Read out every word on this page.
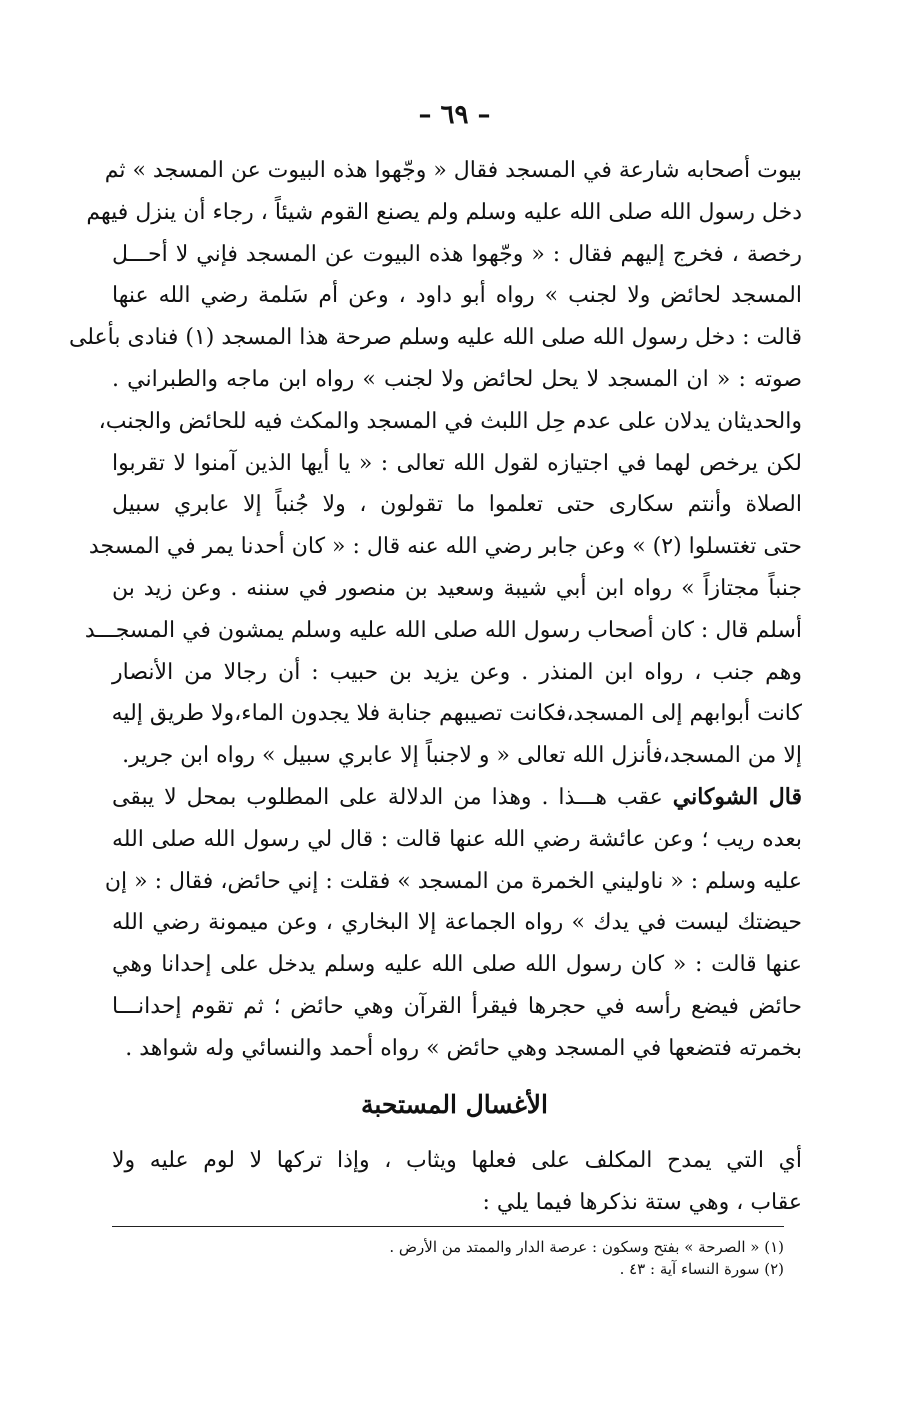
– ٦٩ –
بيوت أصحابه شارعة في المسجد فقال « وجّهوا هذه البيوت عن المسجد » ثم
دخل رسول الله صلى الله عليه وسلم ولم يصنع القوم شيئاً ، رجاء أن ينزل فيهم
رخصة ، فخرج إليهم فقال : « وجّهوا هذه البيوت عن المسجد فإني لا أحـــل
المسجد لحائض ولا لجنب » رواه أبو داود ، وعن أم سَلمة رضي الله عنها
قالت : دخل رسول الله صلى الله عليه وسلم صرحة هذا المسجد (١) فنادى بأعلى
صوته : « ان المسجد لا يحل لحائض ولا لجنب » رواه ابن ماجه والطبراني .
والحديثان يدلان على عدم حِل اللبث في المسجد والمكث فيه للحائض والجنب،
لكن يرخص لهما في اجتيازه لقول الله تعالى : « يا أيها الذين آمنوا لا تقربوا
الصلاة وأنتم سكارى حتى تعلموا ما تقولون ، ولا جُنباً إلا عابري سبيل
حتى تغتسلوا (٢) » وعن جابر رضي الله عنه قال : « كان أحدنا يمر في المسجد
جنباً مجتازاً » رواه ابن أبي شيبة وسعيد بن منصور في سننه . وعن زيد بن
أسلم قال : كان أصحاب رسول الله صلى الله عليه وسلم يمشون في المسجـــد
وهم جنب ، رواه ابن المنذر . وعن يزيد بن حبيب : أن رجالا من الأنصار
كانت أبوابهم إلى المسجد،فكانت تصيبهم جنابة فلا يجدون الماء،ولا طريق إليه
إلا من المسجد،فأنزل الله تعالى « و لاجنباً إلا عابري سبيل » رواه ابن جرير.
قال الشوكاني عقب هـــذا . وهذا من الدلالة على المطلوب بمحل لا يبقى
بعده ريب ؛ وعن عائشة رضي الله عنها قالت : قال لي رسول الله صلى الله
عليه وسلم : « ناوليني الخمرة من المسجد » فقلت : إني حائض، فقال : « إن
حيضتك ليست في يدك » رواه الجماعة إلا البخاري ، وعن ميمونة رضي الله
عنها قالت : « كان رسول الله صلى الله عليه وسلم يدخل على إحدانا وهي
حائض فيضع رأسه في حجرها فيقرأ القرآن وهي حائض ؛ ثم تقوم إحدانـــا
بخمرته فتضعها في المسجد وهي حائض » رواه أحمد والنسائي وله شواهد .
الأغسال المستحبة
أي التي يمدح المكلف على فعلها ويثاب ، وإذا تركها لا لوم عليه ولا
عقاب ، وهي ستة نذكرها فيما يلي :
(١) « الصرحة » بفتح وسكون : عرصة الدار والممتد من الأرض .
(٢) سورة النساء آية : ٤٣ .
